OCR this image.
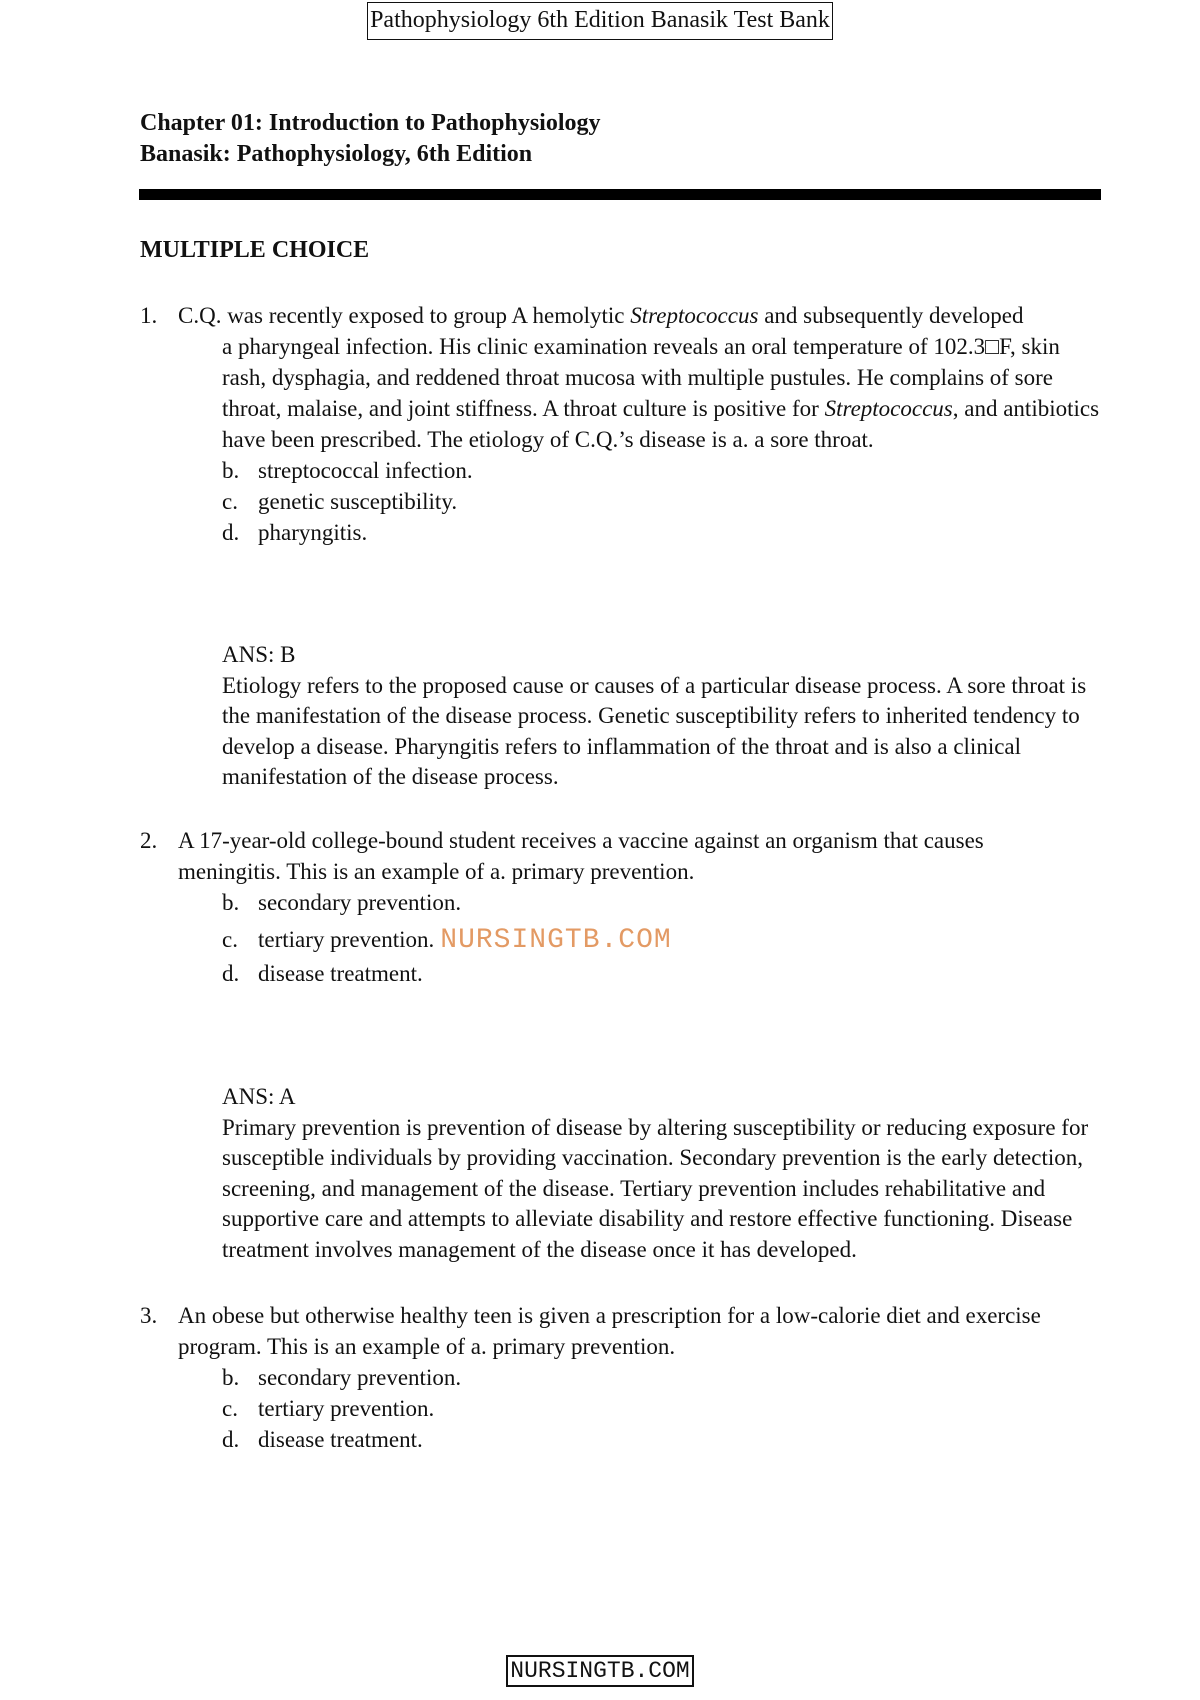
Pathophysiology 6th Edition Banasik Test Bank
Chapter 01: Introduction to Pathophysiology
Banasik: Pathophysiology, 6th Edition
MULTIPLE CHOICE
1. C.Q. was recently exposed to group A hemolytic Streptococcus and subsequently developed
a pharyngeal infection. His clinic examination reveals an oral temperature of 102.3□F, skin rash, dysphagia, and reddened throat mucosa with multiple pustules. He complains of sore throat, malaise, and joint stiffness. A throat culture is positive for Streptococcus, and antibiotics have been prescribed. The etiology of C.Q.’s disease is a. a sore throat.
b. streptococcal infection.
c. genetic susceptibility.
d. pharyngitis.
ANS: B
Etiology refers to the proposed cause or causes of a particular disease process. A sore throat is the manifestation of the disease process. Genetic susceptibility refers to inherited tendency to develop a disease. Pharyngitis refers to inflammation of the throat and is also a clinical manifestation of the disease process.
2. A 17-year-old college-bound student receives a vaccine against an organism that causes
meningitis. This is an example of a. primary prevention.
b. secondary prevention.
c. tertiary prevention. NURSINGTB.COM
d. disease treatment.
ANS: A
Primary prevention is prevention of disease by altering susceptibility or reducing exposure for susceptible individuals by providing vaccination. Secondary prevention is the early detection, screening, and management of the disease. Tertiary prevention includes rehabilitative and supportive care and attempts to alleviate disability and restore effective functioning. Disease treatment involves management of the disease once it has developed.
3. An obese but otherwise healthy teen is given a prescription for a low-calorie diet and exercise
program. This is an example of a. primary prevention.
b. secondary prevention.
c. tertiary prevention.
d. disease treatment.
NURSINGTB.COM
